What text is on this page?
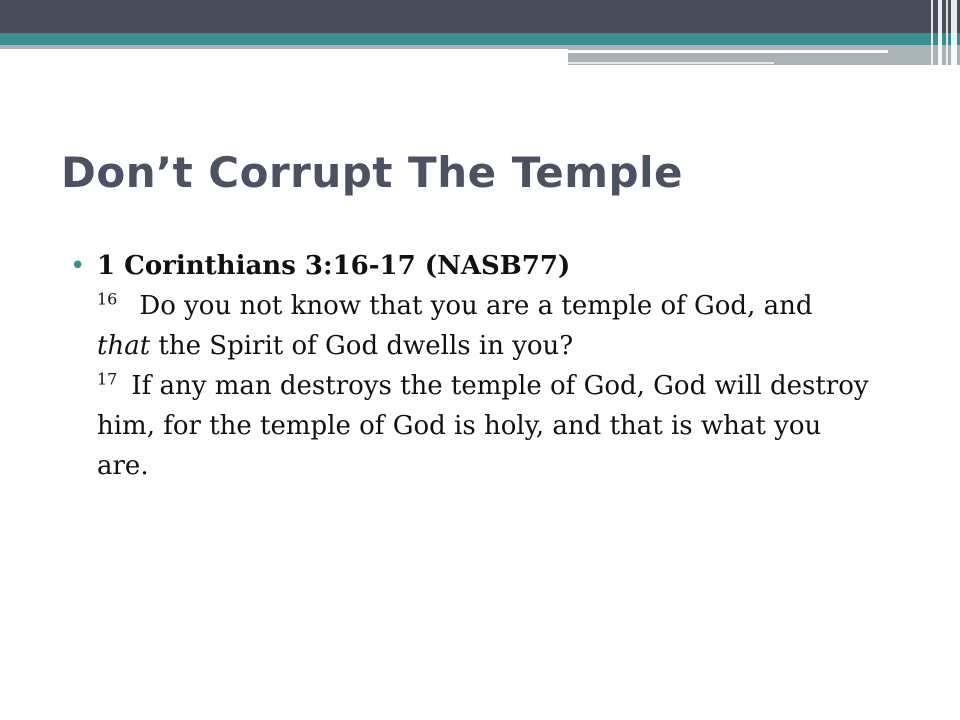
Don’t Corrupt The Temple
• 1 Corinthians 3:16-17 (NASB77)
$^{16}$ Do you not know that you are a temple of God, and that the Spirit of God dwells in you?
$^{17}$ If any man destroys the temple of God, God will destroy him, for the temple of God is holy, and that is what you are.
